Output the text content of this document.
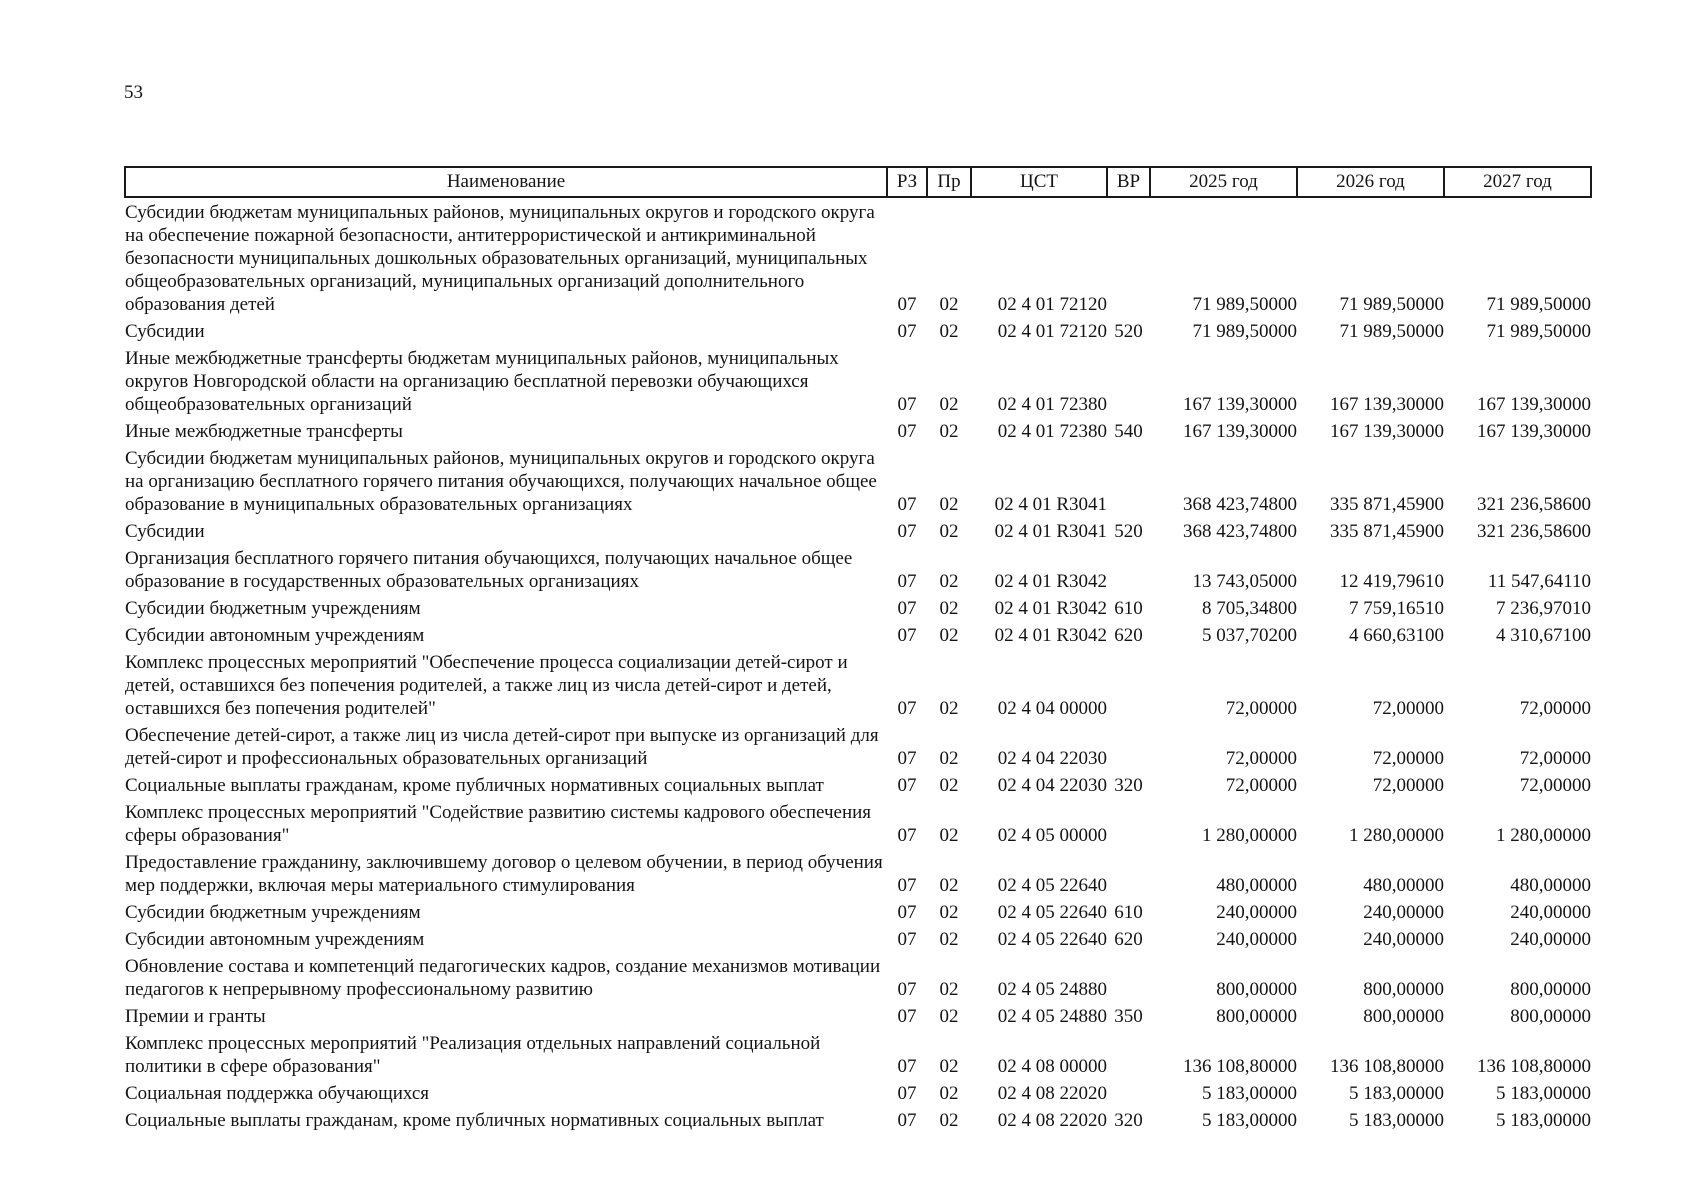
53
Наименование	РЗ	Пр	ЦСТ	ВР	2025 год	2026 год	2027 год
Субсидии бюджетам муниципальных районов, муниципальных округов и городского округа на обеспечение пожарной безопасности, антитеррористической и антикриминальной безопасности муниципальных дошкольных образовательных организаций, муниципальных общеобразовательных организаций, муниципальных организаций дополнительного образования детей	07	02	02 4 01 72120		71 989,50000	71 989,50000	71 989,50000
Субсидии	07	02	02 4 01 72120	520	71 989,50000	71 989,50000	71 989,50000
Иные межбюджетные трансферты бюджетам муниципальных районов, муниципальных округов Новгородской области на организацию бесплатной перевозки обучающихся общеобразовательных организаций	07	02	02 4 01 72380		167 139,30000	167 139,30000	167 139,30000
Иные межбюджетные трансферты	07	02	02 4 01 72380	540	167 139,30000	167 139,30000	167 139,30000
Субсидии бюджетам муниципальных районов, муниципальных округов и городского округа на организацию бесплатного горячего питания обучающихся, получающих начальное общее образование в муниципальных образовательных организациях	07	02	02 4 01 R3041		368 423,74800	335 871,45900	321 236,58600
Субсидии	07	02	02 4 01 R3041	520	368 423,74800	335 871,45900	321 236,58600
Организация бесплатного горячего питания обучающихся, получающих начальное общее образование в государственных образовательных организациях	07	02	02 4 01 R3042		13 743,05000	12 419,79610	11 547,64110
Субсидии бюджетным учреждениям	07	02	02 4 01 R3042	610	8 705,34800	7 759,16510	7 236,97010
Субсидии автономным учреждениям	07	02	02 4 01 R3042	620	5 037,70200	4 660,63100	4 310,67100
Комплекс процессных мероприятий "Обеспечение процесса социализации детей-сирот и детей, оставшихся без попечения родителей, а также лиц из числа детей-сирот и детей, оставшихся без попечения родителей"	07	02	02 4 04 00000		72,00000	72,00000	72,00000
Обеспечение детей-сирот, а также лиц из числа детей-сирот при выпуске из организаций для детей-сирот и профессиональных образовательных организаций	07	02	02 4 04 22030		72,00000	72,00000	72,00000
Социальные выплаты гражданам, кроме публичных нормативных социальных выплат	07	02	02 4 04 22030	320	72,00000	72,00000	72,00000
Комплекс процессных мероприятий "Содействие развитию системы кадрового обеспечения сферы образования"	07	02	02 4 05 00000		1 280,00000	1 280,00000	1 280,00000
Предоставление гражданину, заключившему договор о целевом обучении, в период обучения мер поддержки, включая меры материального стимулирования	07	02	02 4 05 22640		480,00000	480,00000	480,00000
Субсидии бюджетным учреждениям	07	02	02 4 05 22640	610	240,00000	240,00000	240,00000
Субсидии автономным учреждениям	07	02	02 4 05 22640	620	240,00000	240,00000	240,00000
Обновление состава и компетенций педагогических кадров, создание механизмов мотивации педагогов к непрерывному профессиональному развитию	07	02	02 4 05 24880		800,00000	800,00000	800,00000
Премии и гранты	07	02	02 4 05 24880	350	800,00000	800,00000	800,00000
Комплекс процессных мероприятий "Реализация отдельных направлений социальной политики в сфере образования"	07	02	02 4 08 00000		136 108,80000	136 108,80000	136 108,80000
Социальная поддержка обучающихся	07	02	02 4 08 22020		5 183,00000	5 183,00000	5 183,00000
Социальные выплаты гражданам, кроме публичных нормативных социальных выплат	07	02	02 4 08 22020	320	5 183,00000	5 183,00000	5 183,00000
